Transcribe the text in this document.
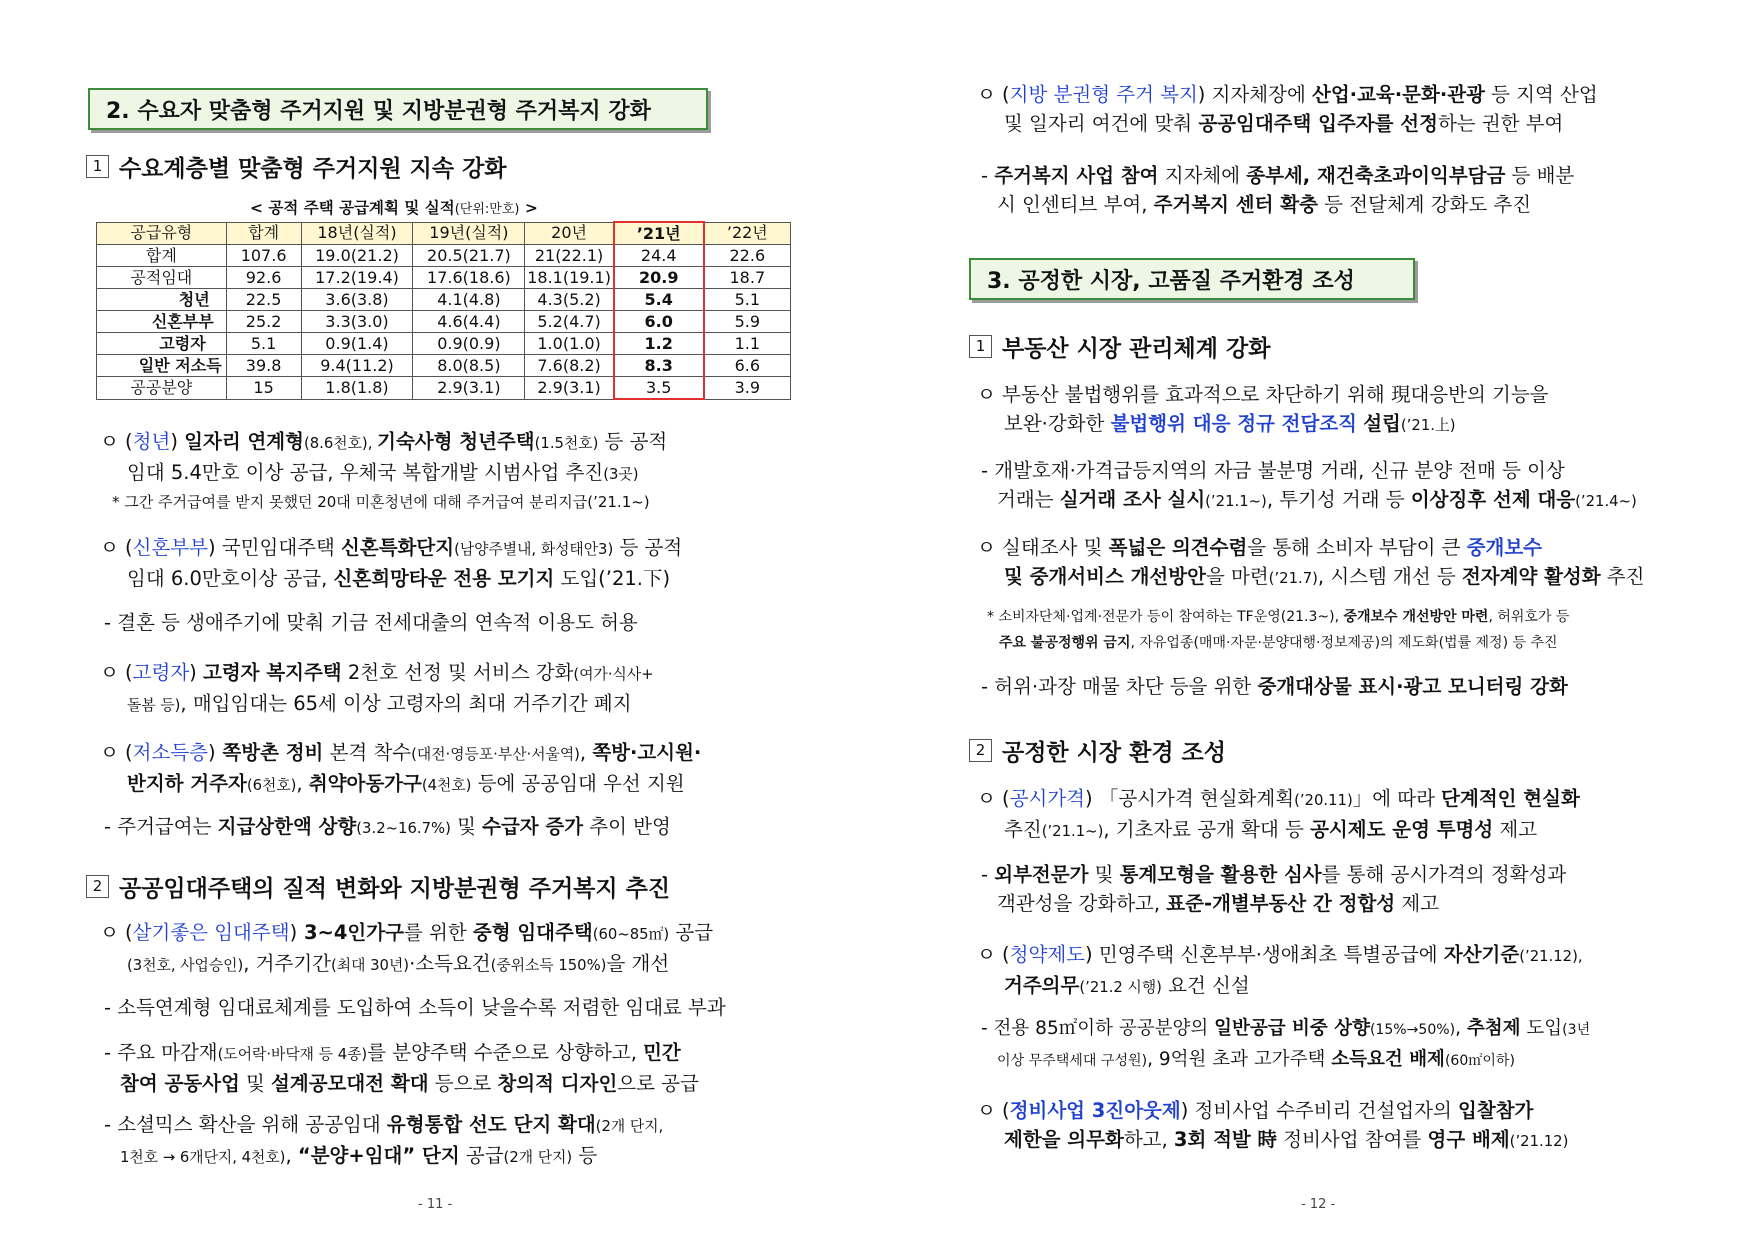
2. 수요자 맞춤형 주거지원 및 지방분권형 주거복지 강화
1 수요계층별 맞춤형 주거지원 지속 강화
< 공적 주택 공급계획 및 실적(단위:만호) >
공급유형	합계	18년(실적)	19년(실적)	20년	’21년	’22년
합계	107.6	19.0(21.2)	20.5(21.7)	21(22.1)	24.4	22.6
공적임대	92.6	17.2(19.4)	17.6(18.6)	18.1(19.1)	20.9	18.7
청년	22.5	3.6(3.8)	4.1(4.8)	4.3(5.2)	5.4	5.1
신혼부부	25.2	3.3(3.0)	4.6(4.4)	5.2(4.7)	6.0	5.9
고령자	5.1	0.9(1.4)	0.9(0.9)	1.0(1.0)	1.2	1.1
일반 저소득	39.8	9.4(11.2)	8.0(8.5)	7.6(8.2)	8.3	6.6
공공분양	15	1.8(1.8)	2.9(3.1)	2.9(3.1)	3.5	3.9
ㅇ (청년) 일자리 연계형(8.6천호), 기숙사형 청년주택(1.5천호) 등 공적
임대 5.4만호 이상 공급, 우체국 복합개발 시범사업 추진(3곳)
* 그간 주거급여를 받지 못했던 20대 미혼청년에 대해 주거급여 분리지급(’21.1~)
ㅇ (신혼부부) 국민임대주택 신혼특화단지(남양주별내, 화성태안3) 등 공적
임대 6.0만호이상 공급, 신혼희망타운 전용 모기지 도입(’21.下)
- 결혼 등 생애주기에 맞춰 기금 전세대출의 연속적 이용도 허용
ㅇ (고령자) 고령자 복지주택 2천호 선정 및 서비스 강화(여가·식사+
돌봄 등), 매입임대는 65세 이상 고령자의 최대 거주기간 폐지
ㅇ (저소득층) 쪽방촌 정비 본격 착수(대전·영등포·부산·서울역), 쪽방·고시원·
반지하 거주자(6천호), 취약아동가구(4천호) 등에 공공임대 우선 지원
- 주거급여는 지급상한액 상향(3.2~16.7%) 및 수급자 증가 추이 반영
2 공공임대주택의 질적 변화와 지방분권형 주거복지 추진
ㅇ (살기좋은 임대주택) 3~4인가구를 위한 중형 임대주택(60~85㎡) 공급
(3천호, 사업승인), 거주기간(최대 30년)·소득요건(중위소득 150%)을 개선
- 소득연계형 임대료체계를 도입하여 소득이 낮을수록 저렴한 임대료 부과
- 주요 마감재(도어락·바닥재 등 4종)를 분양주택 수준으로 상향하고, 민간
참여 공동사업 및 설계공모대전 확대 등으로 창의적 디자인으로 공급
- 소셜믹스 확산을 위해 공공임대 유형통합 선도 단지 확대(2개 단지,
1천호 → 6개단지, 4천호), “분양+임대” 단지 공급(2개 단지) 등
- 11 -
ㅇ (지방 분권형 주거 복지) 지자체장에 산업·교육·문화·관광 등 지역 산업
및 일자리 여건에 맞춰 공공임대주택 입주자를 선정하는 권한 부여
- 주거복지 사업 참여 지자체에 종부세, 재건축초과이익부담금 등 배분
시 인센티브 부여, 주거복지 센터 확충 등 전달체계 강화도 추진
3. 공정한 시장, 고품질 주거환경 조성
1 부동산 시장 관리체계 강화
ㅇ 부동산 불법행위를 효과적으로 차단하기 위해 現대응반의 기능을
보완·강화한 불법행위 대응 정규 전담조직 설립(’21.上)
- 개발호재·가격급등지역의 자금 불분명 거래, 신규 분양 전매 등 이상
거래는 실거래 조사 실시(’21.1~), 투기성 거래 등 이상징후 선제 대응(’21.4~)
ㅇ 실태조사 및 폭넓은 의견수렴을 통해 소비자 부담이 큰 중개보수
및 중개서비스 개선방안을 마련(’21.7), 시스템 개선 등 전자계약 활성화 추진
* 소비자단체·업계·전문가 등이 참여하는 TF운영(21.3~), 중개보수 개선방안 마련, 허위호가 등
주요 불공정행위 금지, 자유업종(매매·자문·분양대행·정보제공)의 제도화(법률 제정) 등 추진
- 허위·과장 매물 차단 등을 위한 중개대상물 표시·광고 모니터링 강화
2 공정한 시장 환경 조성
ㅇ (공시가격) 「공시가격 현실화계획(’20.11)」에 따라 단계적인 현실화
추진(’21.1~), 기초자료 공개 확대 등 공시제도 운영 투명성 제고
- 외부전문가 및 통계모형을 활용한 심사를 통해 공시가격의 정확성과
객관성을 강화하고, 표준-개별부동산 간 정합성 제고
ㅇ (청약제도) 민영주택 신혼부부·생애최초 특별공급에 자산기준(’21.12),
거주의무(’21.2 시행) 요건 신설
- 전용 85㎡이하 공공분양의 일반공급 비중 상향(15%→50%), 추첨제 도입(3년
이상 무주택세대 구성원), 9억원 초과 고가주택 소득요건 배제(60㎡이하)
ㅇ (정비사업 3진아웃제) 정비사업 수주비리 건설업자의 입찰참가
제한을 의무화하고, 3회 적발 時 정비사업 참여를 영구 배제(’21.12)
- 12 -
